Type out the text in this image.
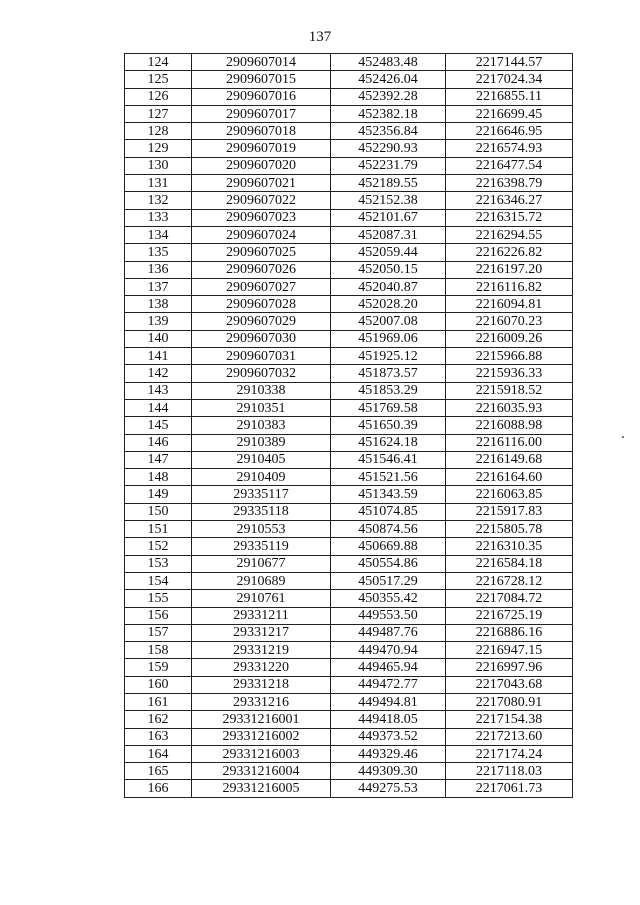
137
124	2909607014	452483.48	2217144.57
125	2909607015	452426.04	2217024.34
126	2909607016	452392.28	2216855.11
127	2909607017	452382.18	2216699.45
128	2909607018	452356.84	2216646.95
129	2909607019	452290.93	2216574.93
130	2909607020	452231.79	2216477.54
131	2909607021	452189.55	2216398.79
132	2909607022	452152.38	2216346.27
133	2909607023	452101.67	2216315.72
134	2909607024	452087.31	2216294.55
135	2909607025	452059.44	2216226.82
136	2909607026	452050.15	2216197.20
137	2909607027	452040.87	2216116.82
138	2909607028	452028.20	2216094.81
139	2909607029	452007.08	2216070.23
140	2909607030	451969.06	2216009.26
141	2909607031	451925.12	2215966.88
142	2909607032	451873.57	2215936.33
143	2910338	451853.29	2215918.52
144	2910351	451769.58	2216035.93
145	2910383	451650.39	2216088.98
146	2910389	451624.18	2216116.00
147	2910405	451546.41	2216149.68
148	2910409	451521.56	2216164.60
149	29335117	451343.59	2216063.85
150	29335118	451074.85	2215917.83
151	2910553	450874.56	2215805.78
152	29335119	450669.88	2216310.35
153	2910677	450554.86	2216584.18
154	2910689	450517.29	2216728.12
155	2910761	450355.42	2217084.72
156	29331211	449553.50	2216725.19
157	29331217	449487.76	2216886.16
158	29331219	449470.94	2216947.15
159	29331220	449465.94	2216997.96
160	29331218	449472.77	2217043.68
161	29331216	449494.81	2217080.91
162	29331216001	449418.05	2217154.38
163	29331216002	449373.52	2217213.60
164	29331216003	449329.46	2217174.24
165	29331216004	449309.30	2217118.03
166	29331216005	449275.53	2217061.73
